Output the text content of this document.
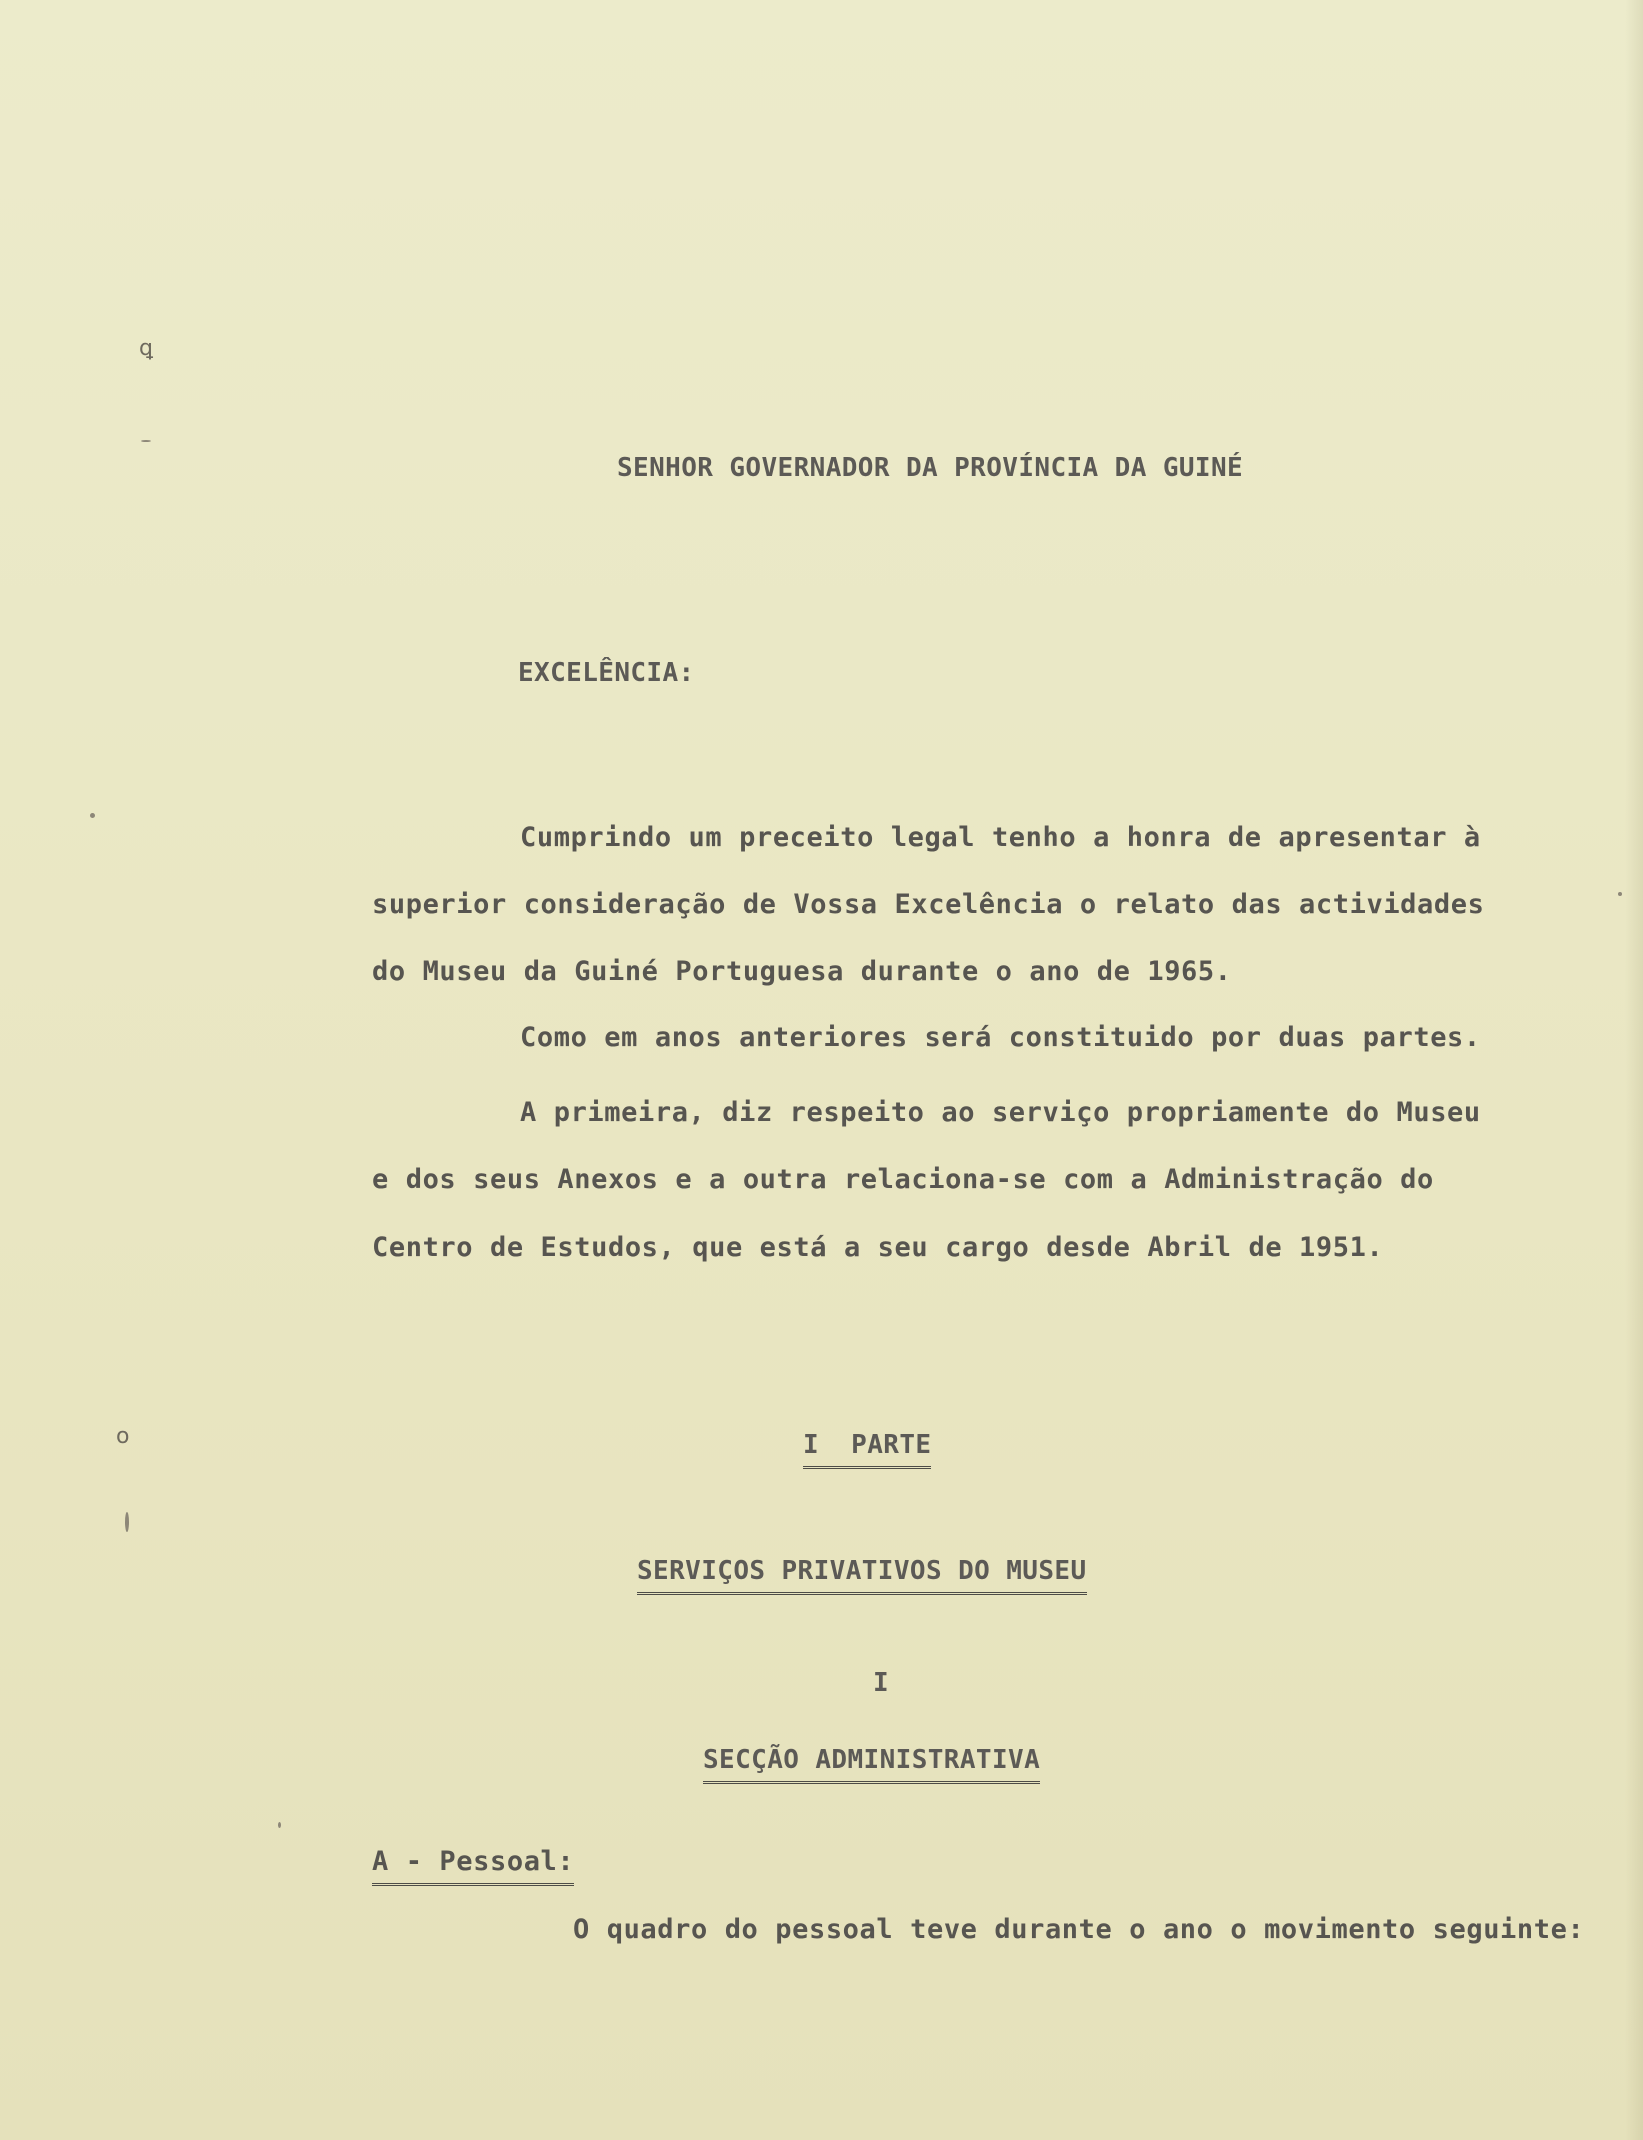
ꝗ
o
SENHOR GOVERNADOR DA PROVÍNCIA DA GUINÉ
EXCELÊNCIA:
Cumprindo um preceito legal tenho a honra de apresentar à
superior consideração de Vossa Excelência o relato das actividades
do Museu da Guiné Portuguesa durante o ano de 1965.
Como em anos anteriores será constituido por duas partes.
A primeira, diz respeito ao serviço propriamente do Museu
e dos seus Anexos e a outra relaciona-se com a Administração do
Centro de Estudos, que está a seu cargo desde Abril de 1951.
I  PARTE
SERVIÇOS PRIVATIVOS DO MUSEU
I
SECÇÃO ADMINISTRATIVA
A - Pessoal:
O quadro do pessoal teve durante o ano o movimento seguinte:
